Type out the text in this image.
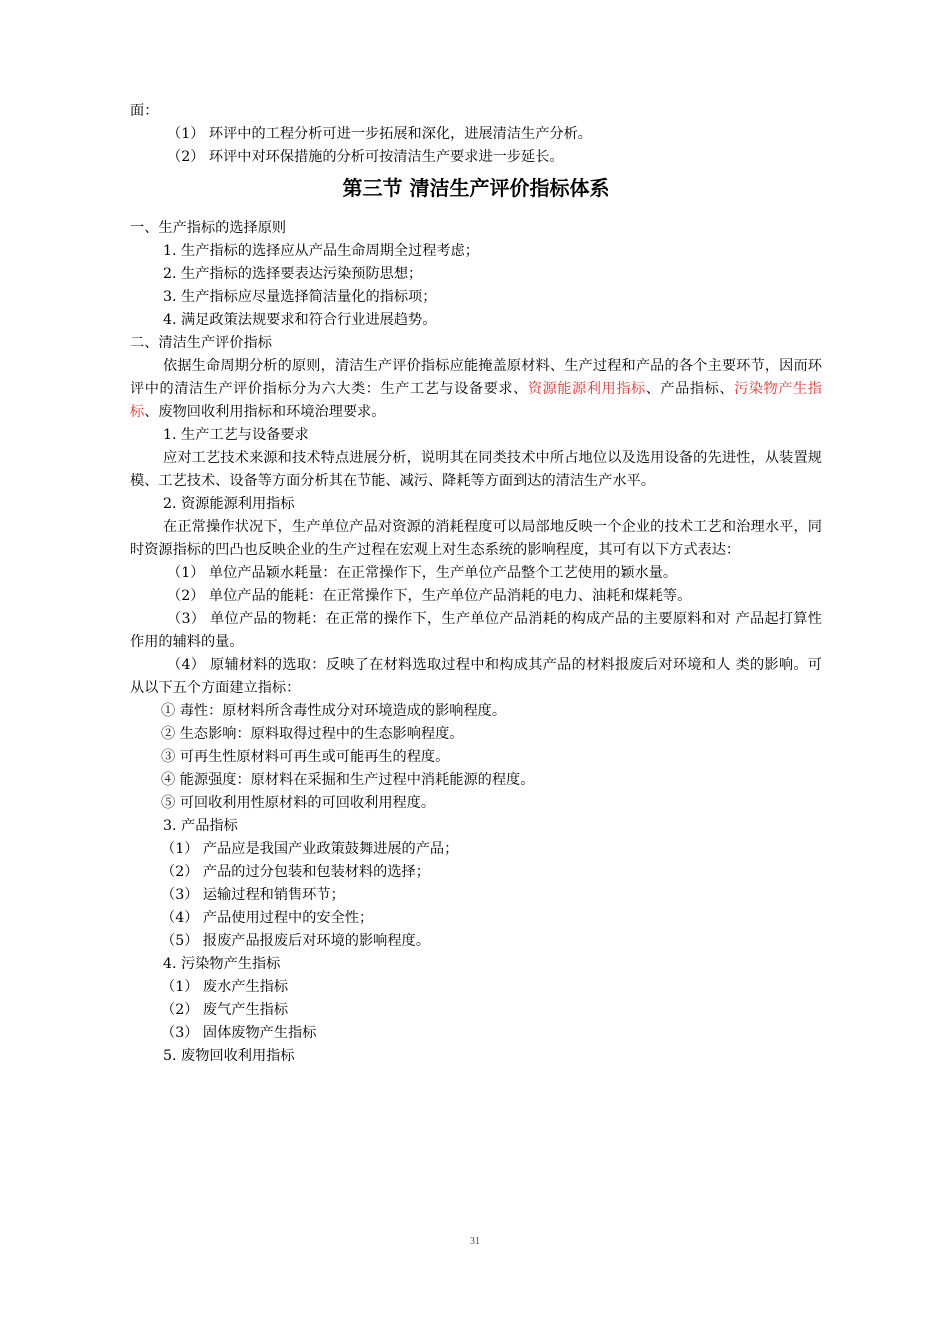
面：
（1） 环评中的工程分析可进一步拓展和深化，进展清洁生产分析。
（2） 环评中对环保措施的分析可按清洁生产要求进一步延长。
第三节 清洁生产评价指标体系
一、生产指标的选择原则
1. 生产指标的选择应从产品生命周期全过程考虑；
2. 生产指标的选择要表达污染预防思想；
3. 生产指标应尽量选择简洁量化的指标项；
4. 满足政策法规要求和符合行业进展趋势。
二、清洁生产评价指标
依据生命周期分析的原则，清洁生产评价指标应能掩盖原材料、生产过程和产品的各个主要环节，因而环评中的清洁生产评价指标分为六大类：生产工艺与设备要求、资源能源利用指标、产品指标、污染物产生指标、废物回收利用指标和环境治理要求。
1. 生产工艺与设备要求
应对工艺技术来源和技术特点进展分析，说明其在同类技术中所占地位以及选用设备的先进性，从装置规模、工艺技术、设备等方面分析其在节能、减污、降耗等方面到达的清洁生产水平。
2. 资源能源利用指标
在正常操作状况下，生产单位产品对资源的消耗程度可以局部地反映一个企业的技术工艺和治理水平，同时资源指标的凹凸也反映企业的生产过程在宏观上对生态系统的影响程度，其可有以下方式表达：
（1） 单位产品颖水耗量：在正常操作下，生产单位产品整个工艺使用的颖水量。
（2） 单位产品的能耗：在正常操作下，生产单位产品消耗的电力、油耗和煤耗等。
（3） 单位产品的物耗：在正常的操作下，生产单位产品消耗的构成产品的主要原料和对 产品起打算性作用的辅料的量。
（4） 原辅材料的选取：反映了在材料选取过程中和构成其产品的材料报废后对环境和人 类的影响。可从以下五个方面建立指标：
① 毒性：原材料所含毒性成分对环境造成的影响程度。
② 生态影响：原料取得过程中的生态影响程度。
③ 可再生性原材料可再生或可能再生的程度。
④ 能源强度：原材料在采掘和生产过程中消耗能源的程度。
⑤ 可回收利用性原材料的可回收利用程度。
3. 产品指标
（1） 产品应是我国产业政策鼓舞进展的产品；
（2） 产品的过分包装和包装材料的选择；
（3） 运输过程和销售环节；
（4） 产品使用过程中的安全性；
（5） 报废产品报废后对环境的影响程度。
4. 污染物产生指标
（1） 废水产生指标
（2） 废气产生指标
（3） 固体废物产生指标
5. 废物回收利用指标
31
